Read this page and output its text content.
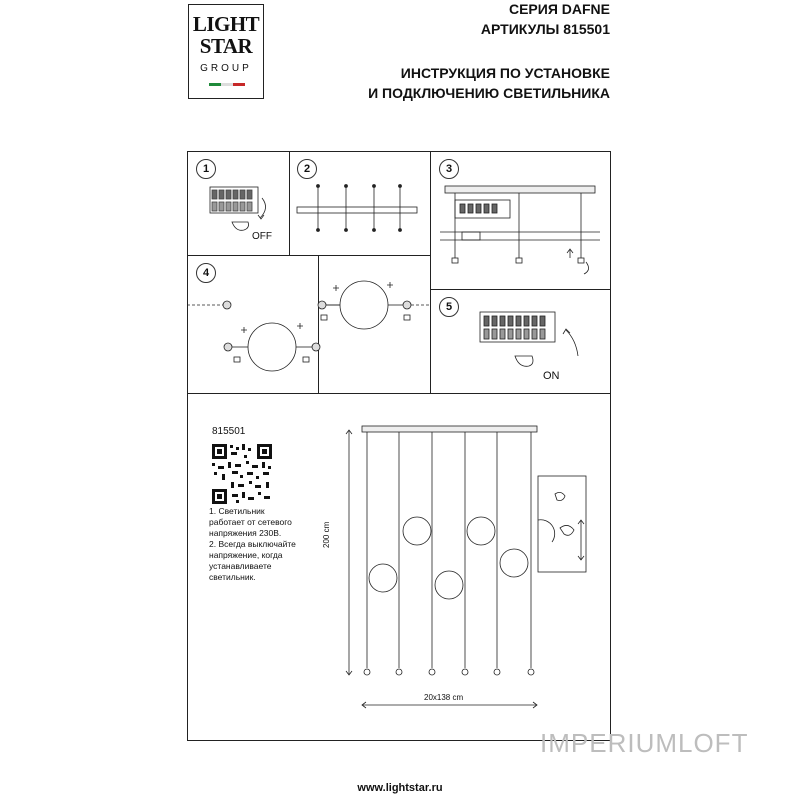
LIGHT
STAR
GROUP
СЕРИЯ DAFNE
АРТИКУЛЫ 815501
ИНСТРУКЦИЯ ПО УСТАНОВКЕ
И ПОДКЛЮЧЕНИЮ СВЕТИЛЬНИКА
1	2	3
4
5
OFF
ON
815501
1. Светильник
работает от сетевого
напряжения 230В.
2. Всегда выключайте
напряжение, когда
устанавливаете
светильник.
200 cm
20x138 cm
IMPERIUMLOFT
www.lightstar.ru
